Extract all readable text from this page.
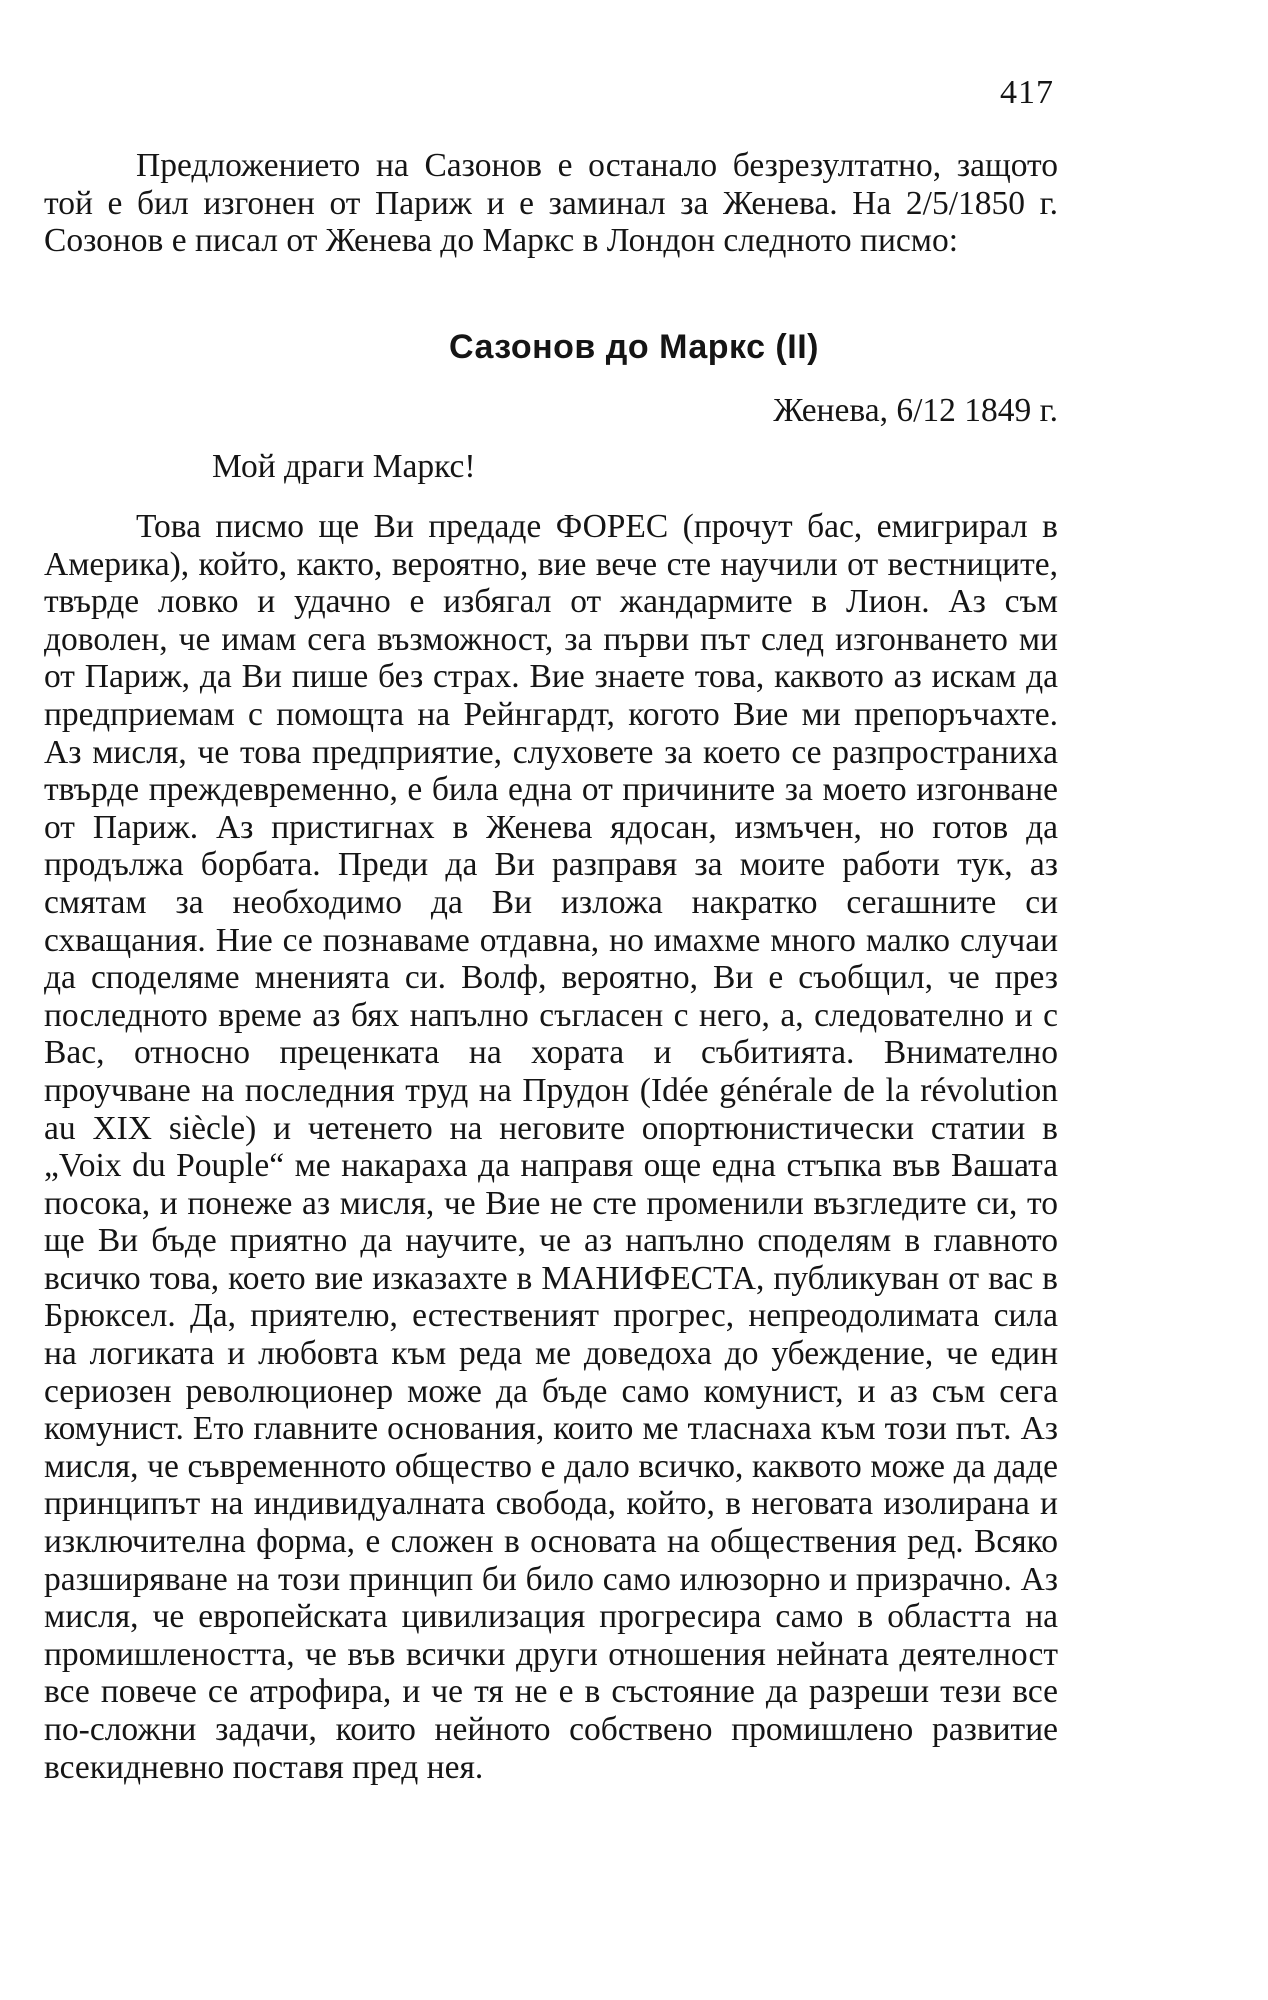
417

Предложението на Сазонов е останало безрезултатно, защото той е бил изгонен от Париж и е заминал за Женева. На 2/5/1850 г. Созонов е писал от Женева до Маркс в Лондон следното писмо:

Сазонов до Маркс (II)
Женева, 6/12 1849 г.
Мой драги Маркс!

Това писмо ще Ви предаде ФОРЕС (прочут бас, емигрирал в Америка), който, както, вероятно, вие вече сте научили от вестниците, твърде ловко и удачно е избягал от жандармите в Лион. Аз съм доволен, че имам сега възможност, за първи път след изгонването ми от Париж, да Ви пише без страх. Вие знаете това, каквото аз искам да предприемам с помощта на Рейнгардт, когото Вие ми препоръчахте. Аз мисля, че това предприятие, слуховете за което се разпространиха твърде преждевременно, е била една от причините за моето изгонване от Париж. Аз пристигнах в Женева ядосан, измъчен, но готов да продължа борбата. Преди да Ви разправя за моите работи тук, аз смятам за необходимо да Ви изложа накратко сегашните си схващания. Ние се познаваме отдавна, но имахме много малко случаи да споделяме мненията си. Волф, вероятно, Ви е съобщил, че през последното време аз бях напълно съгласен с него, а, следователно и с Вас, относно преценката на хората и събитията. Внимателно проучване на последния труд на Прудон (Idée générale de la révolution au XIX siècle) и четенето на неговите опортюнистически статии в „Voix du Pouple“ ме накараха да направя още една стъпка във Вашата посока, и понеже аз мисля, че Вие не сте променили възгледите си, то ще Ви бъде приятно да научите, че аз напълно споделям в главното всичко това, което вие изказахте в МАНИФЕСТА, публикуван от вас в Брюксел. Да, приятелю, естественият прогрес, непреодолимата сила на логиката и любовта към реда ме доведоха до убеждение, че един сериозен революционер може да бъде само комунист, и аз съм сега комунист. Ето главните основания, които ме тласнаха към този път. Аз мисля, че съвременното общество е дало всичко, каквото може да даде принципът на индивидуалната свобода, който, в неговата изолирана и изключителна форма, е сложен в основата на обществения ред. Всяко разширяване на този принцип би било само илюзорно и призрачно. Аз мисля, че европейската цивилизация прогресира само в областта на промишлеността, че във всички други отношения нейната деятелност все повече се атрофира, и че тя не е в състояние да разреши тези все по-сложни задачи, които нейното собствено промишлено развитие всекидневно поставя пред нея.
